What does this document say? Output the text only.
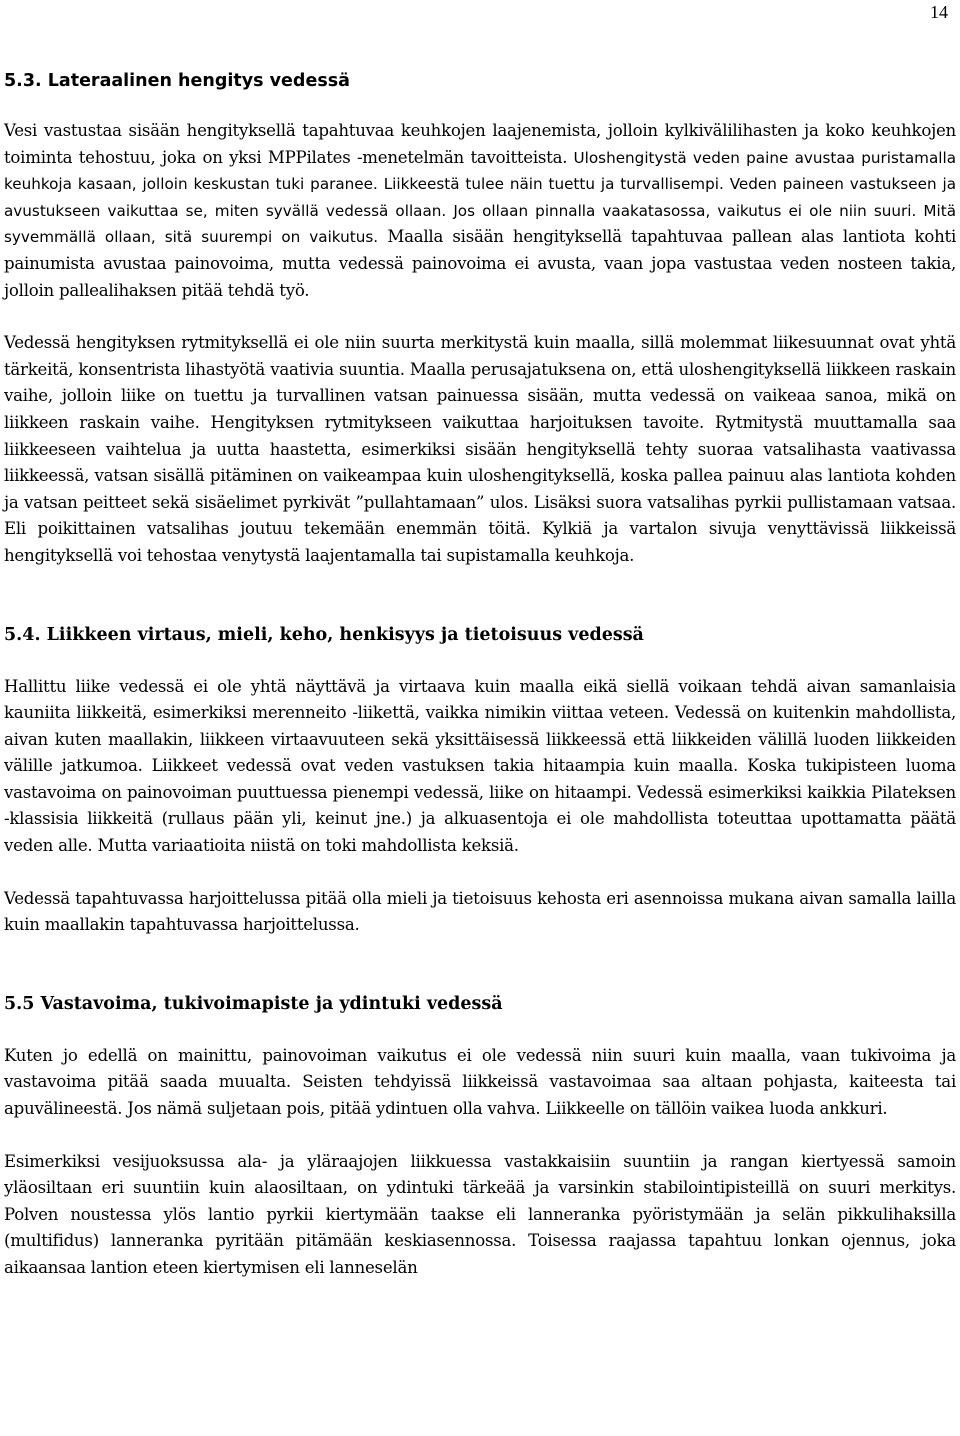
14
5.3. Lateraalinen hengitys vedessä

Vesi vastustaa sisään hengityksellä tapahtuvaa keuhkojen laajenemista, jolloin kylkivälilihasten ja koko keuhkojen toiminta tehostuu, joka on yksi MPPilates -menetelmän tavoitteista. Uloshengitystä veden paine avustaa puristamalla keuhkoja kasaan, jolloin keskustan tuki paranee. Liikkeestä tulee näin tuettu ja turvallisempi. Veden paineen vastukseen ja avustukseen vaikuttaa se, miten syvällä vedessä ollaan. Jos ollaan pinnalla vaakatasossa, vaikutus ei ole niin suuri. Mitä syvemmällä ollaan, sitä suurempi on vaikutus. Maalla sisään hengityksellä tapahtuvaa pallean alas lantiota kohti painumista avustaa painovoima, mutta vedessä painovoima ei avusta, vaan jopa vastustaa veden nosteen takia, jolloin pallealihaksen pitää tehdä työ.

Vedessä hengityksen rytmityksellä ei ole niin suurta merkitystä kuin maalla, sillä molemmat liikesuunnat ovat yhtä tärkeitä, konsentrista lihastyötä vaativia suuntia. Maalla perusajatuksena on, että uloshengityksellä liikkeen raskain vaihe, jolloin liike on tuettu ja turvallinen vatsan painuessa sisään, mutta vedessä on vaikeaa sanoa, mikä on liikkeen raskain vaihe. Hengityksen rytmitykseen vaikuttaa harjoituksen tavoite. Rytmitystä muuttamalla saa liikkeeseen vaihtelua ja uutta haastetta, esimerkiksi sisään hengityksellä tehty suoraa vatsalihasta vaativassa liikkeessä, vatsan sisällä pitäminen on vaikeampaa kuin uloshengityksellä, koska pallea painuu alas lantiota kohden ja vatsan peitteet sekä sisäelimet pyrkivät ”pullahtamaan” ulos. Lisäksi suora vatsalihas pyrkii pullistamaan vatsaa. Eli poikittainen vatsalihas joutuu tekemään enemmän töitä. Kylkiä ja vartalon sivuja venyttävissä liikkeissä hengityksellä voi tehostaa venytystä laajentamalla tai supistamalla keuhkoja.

5.4. Liikkeen virtaus, mieli, keho, henkisyys ja tietoisuus vedessä

Hallittu liike vedessä ei ole yhtä näyttävä ja virtaava kuin maalla eikä siellä voikaan tehdä aivan samanlaisia kauniita liikkeitä, esimerkiksi merenneito -liikettä, vaikka nimikin viittaa veteen. Vedessä on kuitenkin mahdollista, aivan kuten maallakin, liikkeen virtaavuuteen sekä yksittäisessä liikkeessä että liikkeiden välillä luoden liikkeiden välille jatkumoa. Liikkeet vedessä ovat veden vastuksen takia hitaampia kuin maalla. Koska tukipisteen luoma vastavoima on painovoiman puuttuessa pienempi vedessä, liike on hitaampi. Vedessä esimerkiksi kaikkia Pilateksen -klassisia liikkeitä (rullaus pään yli, keinut jne.) ja alkuasentoja ei ole mahdollista toteuttaa upottamatta päätä veden alle. Mutta variaatioita niistä on toki mahdollista keksiä.

Vedessä tapahtuvassa harjoittelussa pitää olla mieli ja tietoisuus kehosta eri asennoissa mukana aivan samalla lailla kuin maallakin tapahtuvassa harjoittelussa.

5.5 Vastavoima, tukivoimapiste ja ydintuki vedessä

Kuten jo edellä on mainittu, painovoiman vaikutus ei ole vedessä niin suuri kuin maalla, vaan tukivoima ja vastavoima pitää saada muualta. Seisten tehdyissä liikkeissä vastavoimaa saa altaan pohjasta, kaiteesta tai apuvälineestä. Jos nämä suljetaan pois, pitää ydintuen olla vahva. Liikkeelle on tällöin vaikea luoda ankkuri.

Esimerkiksi vesijuoksussa ala- ja yläraajojen liikkuessa vastakkaisiin suuntiin ja rangan kiertyessä samoin yläosiltaan eri suuntiin kuin alaosiltaan, on ydintuki tärkeää ja varsinkin stabilointipisteillä on suuri merkitys. Polven noustessa ylös lantio pyrkii kiertymään taakse eli lanneranka pyöristymään ja selän pikkulihaksilla (multifidus) lanneranka pyritään pitämään keskiasennossa. Toisessa raajassa tapahtuu lonkan ojennus, joka aikaansaa lantion eteen kiertymisen eli lanneselän
